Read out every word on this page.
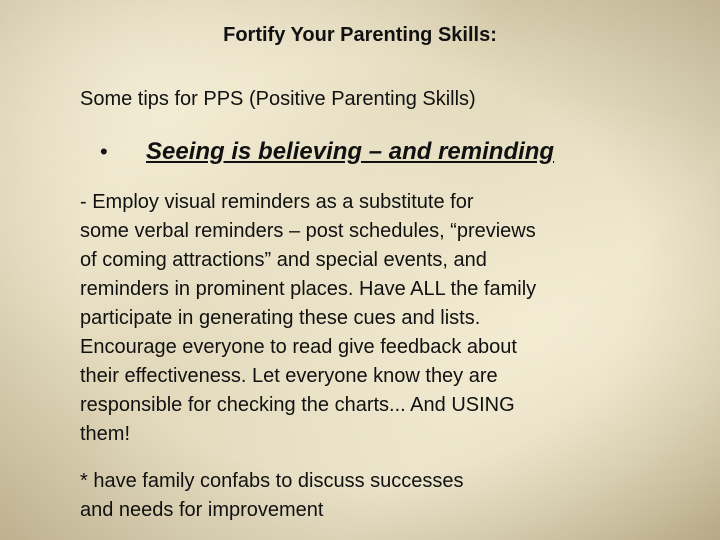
Fortify Your Parenting Skills:
Some tips for PPS (Positive Parenting Skills)
•	Seeing is believing – and reminding
- Employ visual reminders as a substitute for
some verbal reminders – post schedules, “previews
of coming attractions” and special events, and
reminders in prominent places. Have ALL the family
participate in generating these cues and lists.
Encourage everyone to read give feedback about
their effectiveness. Let everyone know they are
responsible for checking the charts... And USING
them!
* have family confabs to discuss successes
and needs for improvement
